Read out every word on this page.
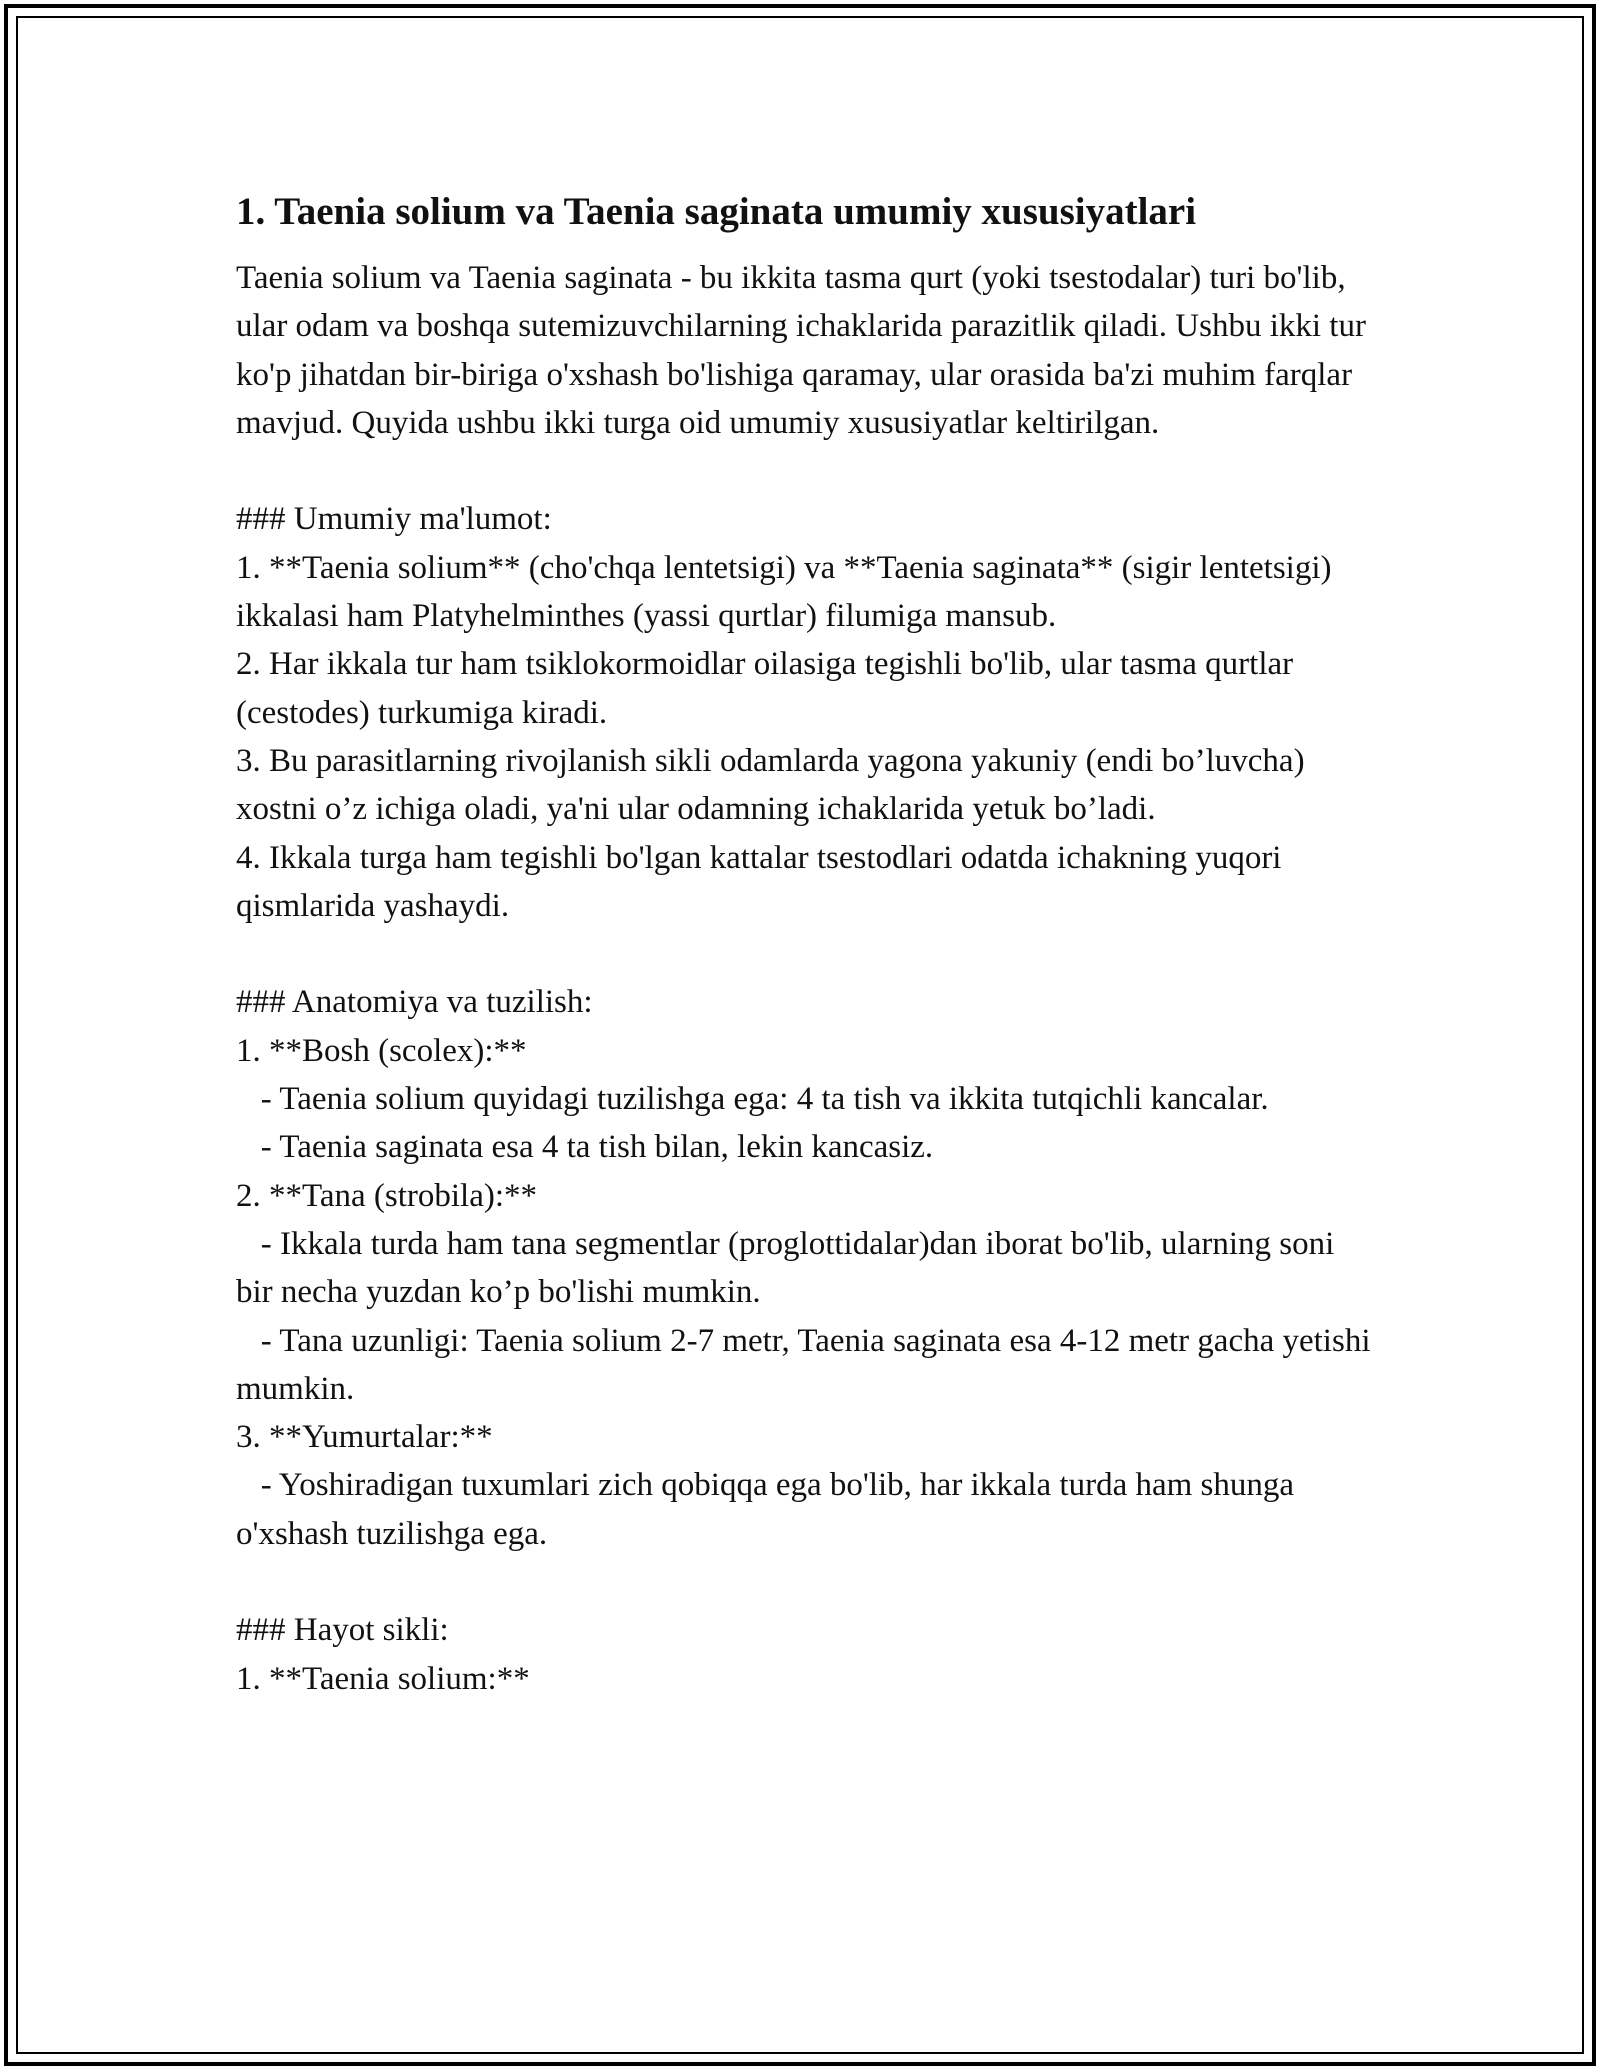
1. Taenia solium va Taenia saginata umumiy xususiyatlari

Taenia solium va Taenia saginata - bu ikkita tasma qurt (yoki tsestodalar) turi bo'lib, ular odam va boshqa sutemizuvchilarning ichaklarida parazitlik qiladi. Ushbu ikki tur ko'p jihatdan bir-biriga o'xshash bo'lishiga qaramay, ular orasida ba'zi muhim farqlar mavjud. Quyida ushbu ikki turga oid umumiy xususiyatlar keltirilgan.

### Umumiy ma'lumot:

1. **Taenia solium** (cho'chqa lentetsigi) va **Taenia saginata** (sigir lentetsigi) ikkalasi ham Platyhelminthes (yassi qurtlar) filumiga mansub.

2. Har ikkala tur ham tsiklokormoidlar oilasiga tegishli bo'lib, ular tasma qurtlar (cestodes) turkumiga kiradi.

3. Bu parasitlarning rivojlanish sikli odamlarda yagona yakuniy (endi bo’luvcha) xostni o’z ichiga oladi, ya'ni ular odamning ichaklarida yetuk bo’ladi.

4. Ikkala turga ham tegishli bo'lgan kattalar tsestodlari odatda ichakning yuqori qismlarida yashaydi.

### Anatomiya va tuzilish:

1. **Bosh (scolex):**

- Taenia solium quyidagi tuzilishga ega: 4 ta tish va ikkita tutqichli kancalar.

- Taenia saginata esa 4 ta tish bilan, lekin kancasiz.

2. **Tana (strobila):**

- Ikkala turda ham tana segmentlar (proglottidalar)dan iborat bo'lib, ularning soni bir necha yuzdan ko’p bo'lishi mumkin.

- Tana uzunligi: Taenia solium 2-7 metr, Taenia saginata esa 4-12 metr gacha yetishi mumkin.

3. **Yumurtalar:**

- Yoshiradigan tuxumlari zich qobiqqa ega bo'lib, har ikkala turda ham shunga o'xshash tuzilishga ega.

### Hayot sikli:

1. **Taenia solium:**
